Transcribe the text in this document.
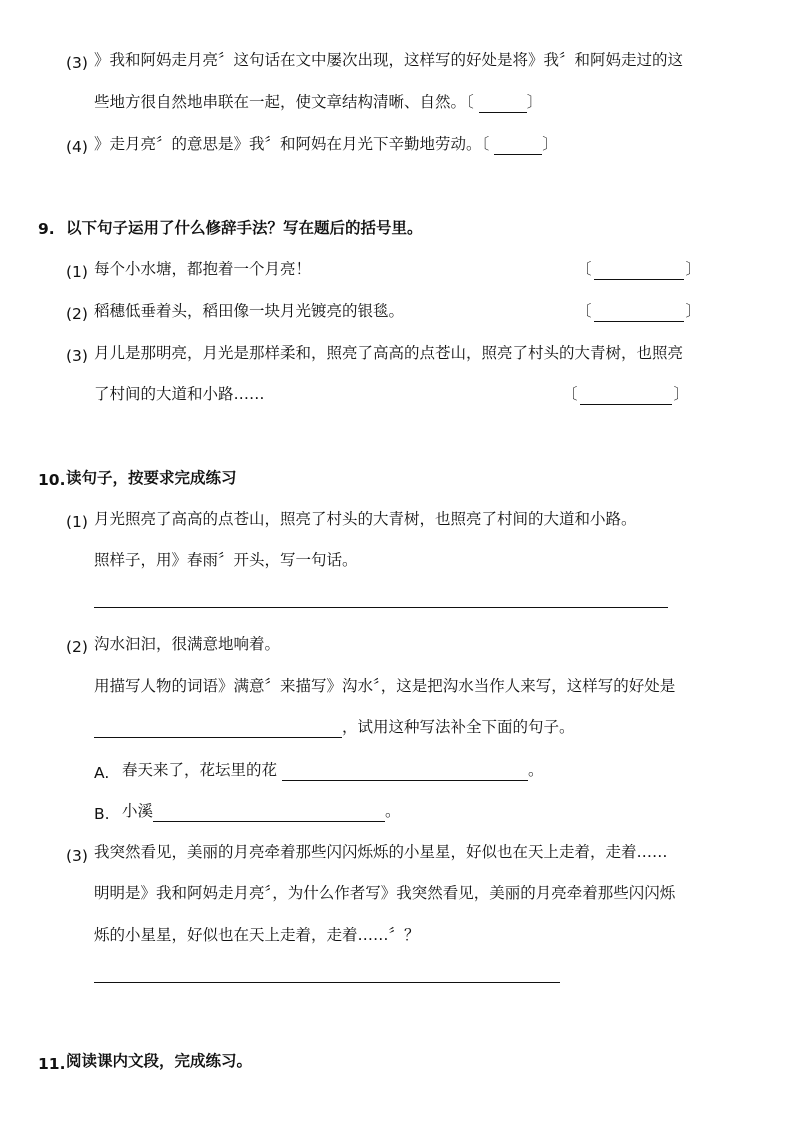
(3) 》我和阿妈走月亮〞这句话在文中屡次出现，这样写的好处是将》我〞和阿妈走过的这
些地方很自然地串联在一起，使文章结构清晰、自然。〔	〕
(4) 》走月亮〞的意思是》我〞和阿妈在月光下辛勤地劳动。〔	〕
9. 以下句子运用了什么修辞手法？写在题后的括号里。
(1) 每个小水塘，都抱着一个月亮！	〔	〕
(2) 稻穗低垂着头，稻田像一块月光镀亮的银毯。	〔	〕
(3) 月儿是那明亮，月光是那样柔和，照亮了高高的点苍山，照亮了村头的大青树，也照亮
了村间的大道和小路……	〔	〕
10. 读句子，按要求完成练习
(1) 月光照亮了高高的点苍山，照亮了村头的大青树，也照亮了村间的大道和小路。
照样子，用》春雨〞开头，写一句话。
(2) 沟水汩汩，很满意地响着。
用描写人物的词语》满意〞来描写》沟水〞，这是把沟水当作人来写，这样写的好处是
，试用这种写法补全下面的句子。
A. 春天来了，花坛里的花	。
B. 小溪	。
(3) 我突然看见，美丽的月亮牵着那些闪闪烁烁的小星星，好似也在天上走着，走着……
明明是》我和阿妈走月亮〞，为什么作者写》我突然看见，美丽的月亮牵着那些闪闪烁
烁的小星星，好似也在天上走着，走着……〞？
11. 阅读课内文段，完成练习。
